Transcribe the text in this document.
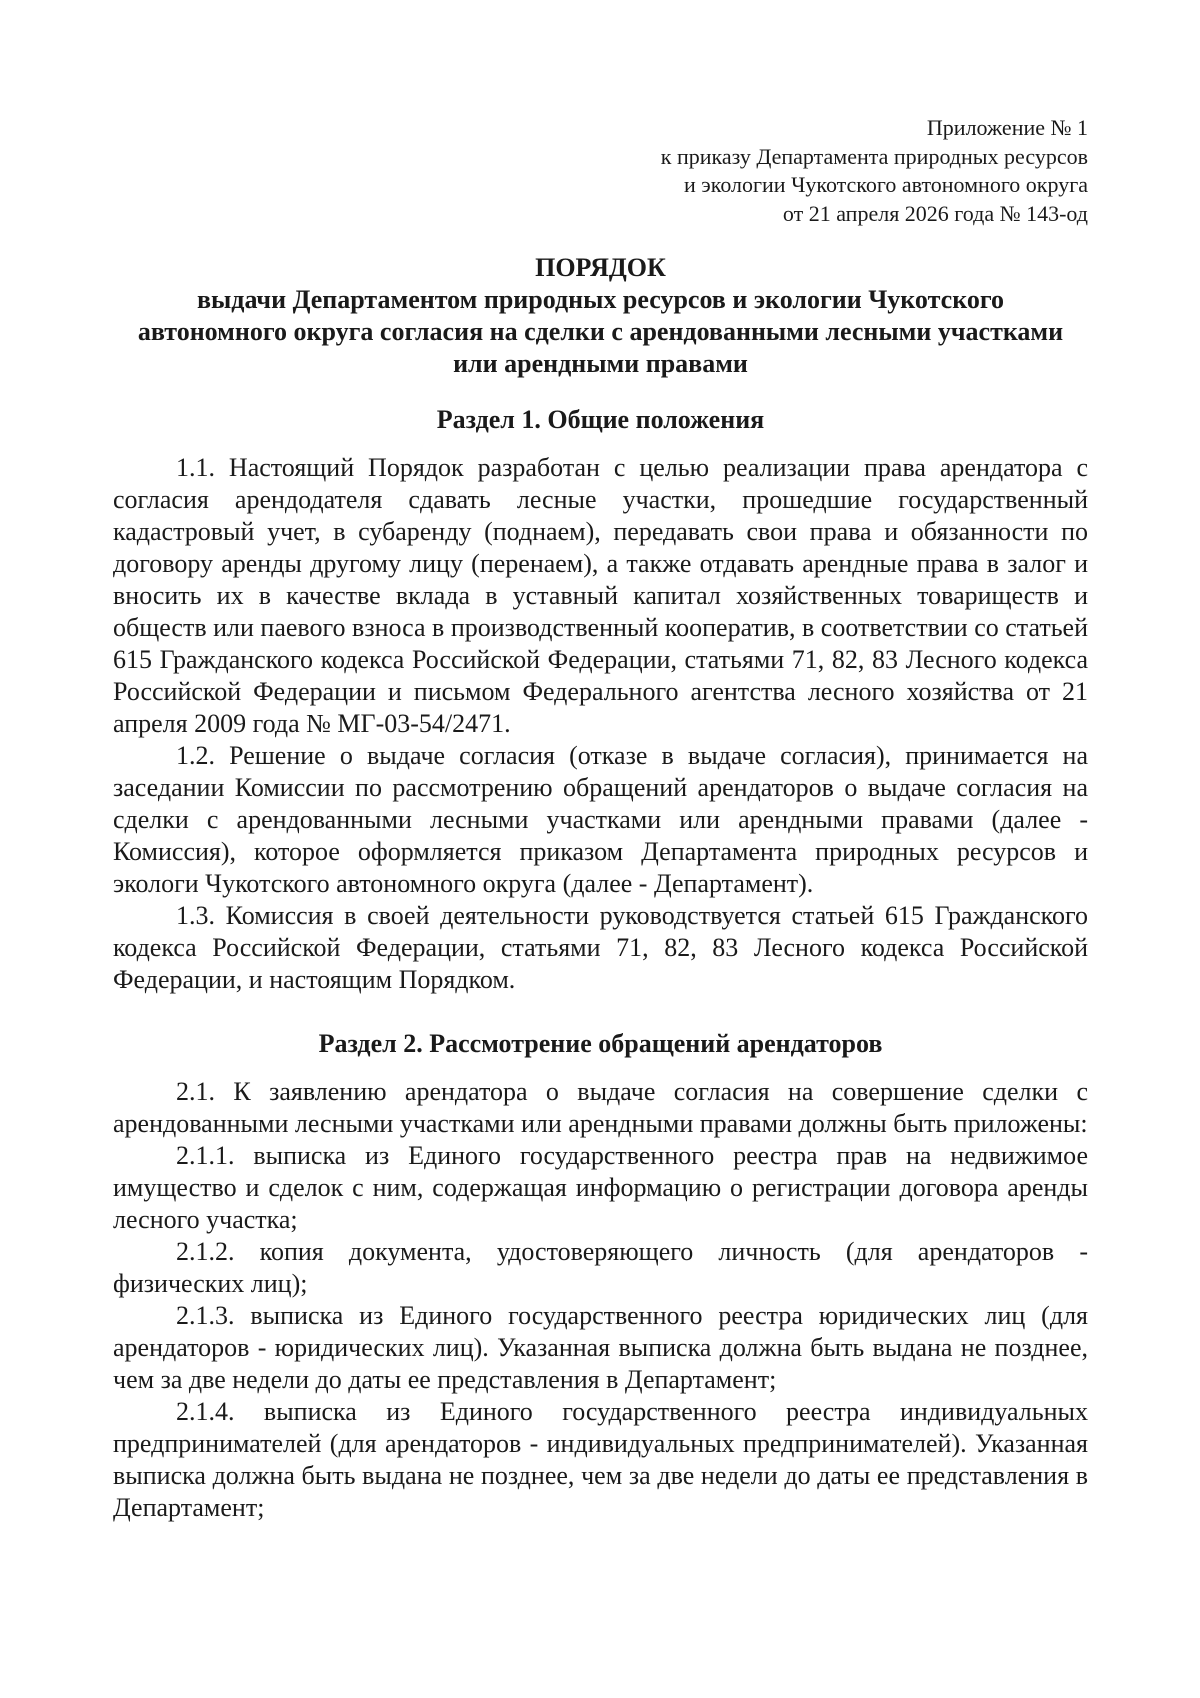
Приложение № 1
к приказу Департамента природных ресурсов
и экологии Чукотского автономного округа
от 21 апреля 2026 года № 143-од
ПОРЯДОК
выдачи Департаментом природных ресурсов и экологии Чукотского
автономного округа согласия на сделки с арендованными лесными участками
или арендными правами
Раздел 1. Общие положения

1.1. Настоящий Порядок разработан с целью реализации права арендатора с согласия арендодателя сдавать лесные участки, прошедшие государственный кадастровый учет, в субаренду (поднаем), передавать свои права и обязанности по договору аренды другому лицу (перенаем), а также отдавать арендные права в залог и вносить их в качестве вклада в уставный капитал хозяйственных товариществ и обществ или паевого взноса в производственный кооператив, в соответствии со статьей 615 Гражданского кодекса Российской Федерации, статьями 71, 82, 83 Лесного кодекса Российской Федерации и письмом Федерального агентства лесного хозяйства от 21 апреля 2009 года № МГ-03-54/2471.

1.2. Решение о выдаче согласия (отказе в выдаче согласия), принимается на заседании Комиссии по рассмотрению обращений арендаторов о выдаче согласия на сделки с арендованными лесными участками или арендными правами (далее - Комиссия), которое оформляется приказом Департамента природных ресурсов и экологи Чукотского автономного округа (далее - Департамент).

1.3. Комиссия в своей деятельности руководствуется статьей 615 Гражданского кодекса Российской Федерации, статьями 71, 82, 83 Лесного кодекса Российской Федерации, и настоящим Порядком.

Раздел 2. Рассмотрение обращений арендаторов

2.1. К заявлению арендатора о выдаче согласия на совершение сделки с арендованными лесными участками или арендными правами должны быть приложены:

2.1.1. выписка из Единого государственного реестра прав на недвижимое имущество и сделок с ним, содержащая информацию о регистрации договора аренды лесного участка;

2.1.2. копия документа, удостоверяющего личность (для арендаторов - физических лиц);

2.1.3. выписка из Единого государственного реестра юридических лиц (для арендаторов - юридических лиц). Указанная выписка должна быть выдана не позднее, чем за две недели до даты ее представления в Департамент;

2.1.4. выписка из Единого государственного реестра индивидуальных предпринимателей (для арендаторов - индивидуальных предпринимателей). Указанная выписка должна быть выдана не позднее, чем за две недели до даты ее представления в Департамент;
